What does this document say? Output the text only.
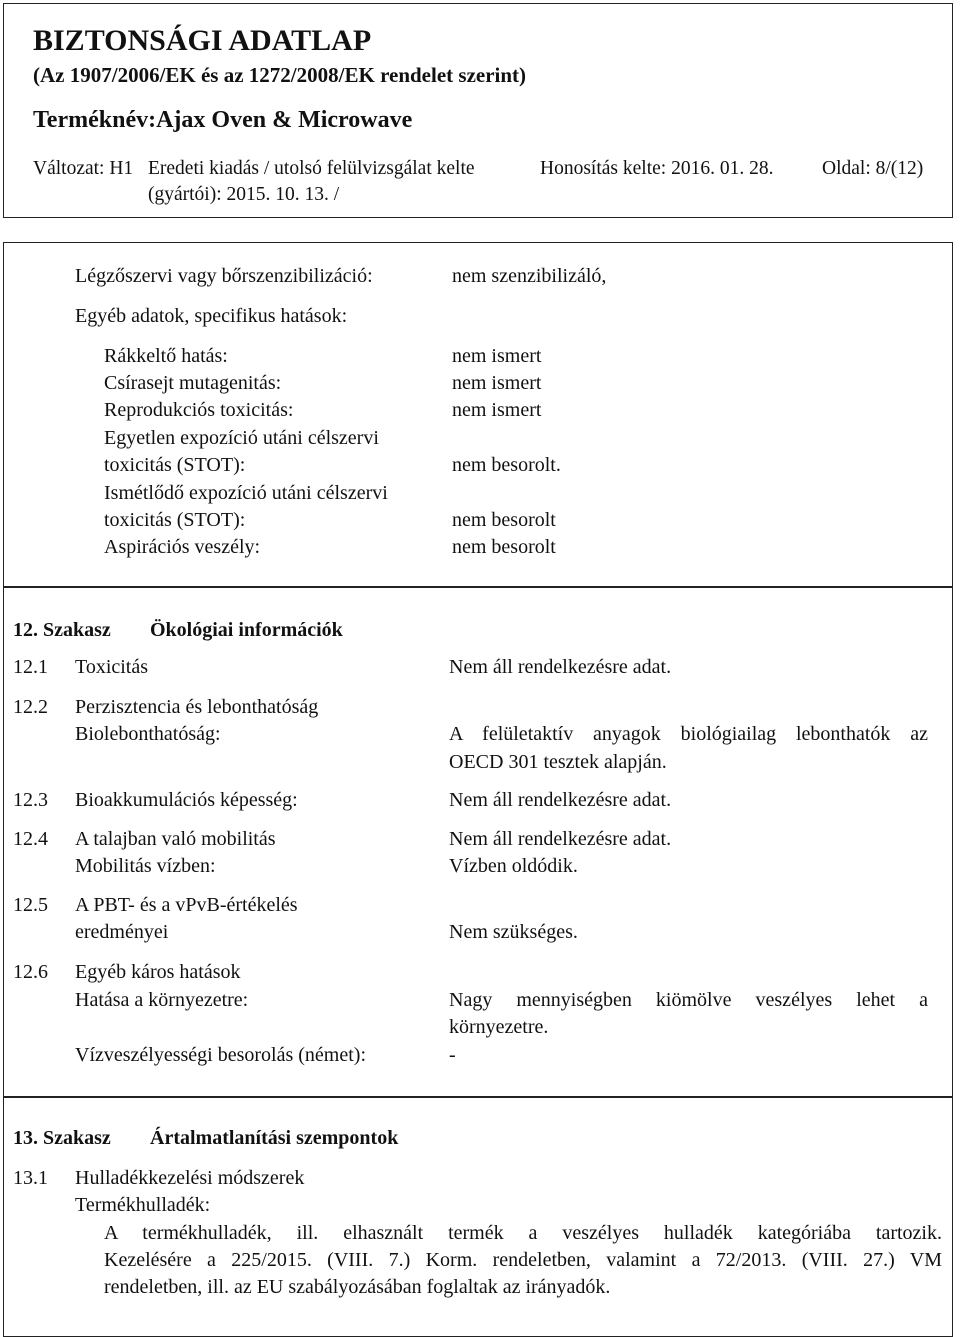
BIZTONSÁGI ADATLAP
(Az 1907/2006/EK és az 1272/2008/EK rendelet szerint)
Terméknév:Ajax Oven & Microwave
Változat: H1 Eredeti kiadás / utolsó felülvizsgálat kelte
(gyártói): 2015. 10. 13. /
Honosítás kelte: 2016. 01. 28. Oldal: 8/(12)
Légzőszervi vagy bőrszenzibilizáció:	nem szenzibilizáló,
Egyéb adatok, specifikus hatások:
Rákkeltő hatás:	nem ismert
Csírasejt mutagenitás:	nem ismert
Reprodukciós toxicitás:	nem ismert
Egyetlen expozíció utáni célszervi
toxicitás (STOT):	nem besorolt.
Ismétlődő expozíció utáni célszervi
toxicitás (STOT):	nem besorolt
Aspirációs veszély:	nem besorolt
12. Szakasz Ökológiai információk
12.1 Toxicitás	Nem áll rendelkezésre adat.
12.2 Perzisztencia és lebonthatóság
Biolebonthatóság:	A felületaktív anyagok biológiailag lebonthatók az
OECD 301 tesztek alapján.
12.3 Bioakkumulációs képesség:	Nem áll rendelkezésre adat.
12.4 A talajban való mobilitás	Nem áll rendelkezésre adat.
Mobilitás vízben:	Vízben oldódik.
12.5 A PBT- és a vPvB-értékelés
eredményei	Nem szükséges.
12.6 Egyéb káros hatások
Hatása a környezetre:	Nagy mennyiségben kiömölve veszélyes lehet a
környezetre.
Vízveszélyességi besorolás (német):	-
13. Szakasz Ártalmatlanítási szempontok
13.1 Hulladékkezelési módszerek
Termékhulladék:
A termékhulladék, ill. elhasznált termék a veszélyes hulladék kategóriába tartozik.
Kezelésére a 225/2015. (VIII. 7.) Korm. rendeletben, valamint a 72/2013. (VIII. 27.) VM
rendeletben, ill. az EU szabályozásában foglaltak az irányadók.
